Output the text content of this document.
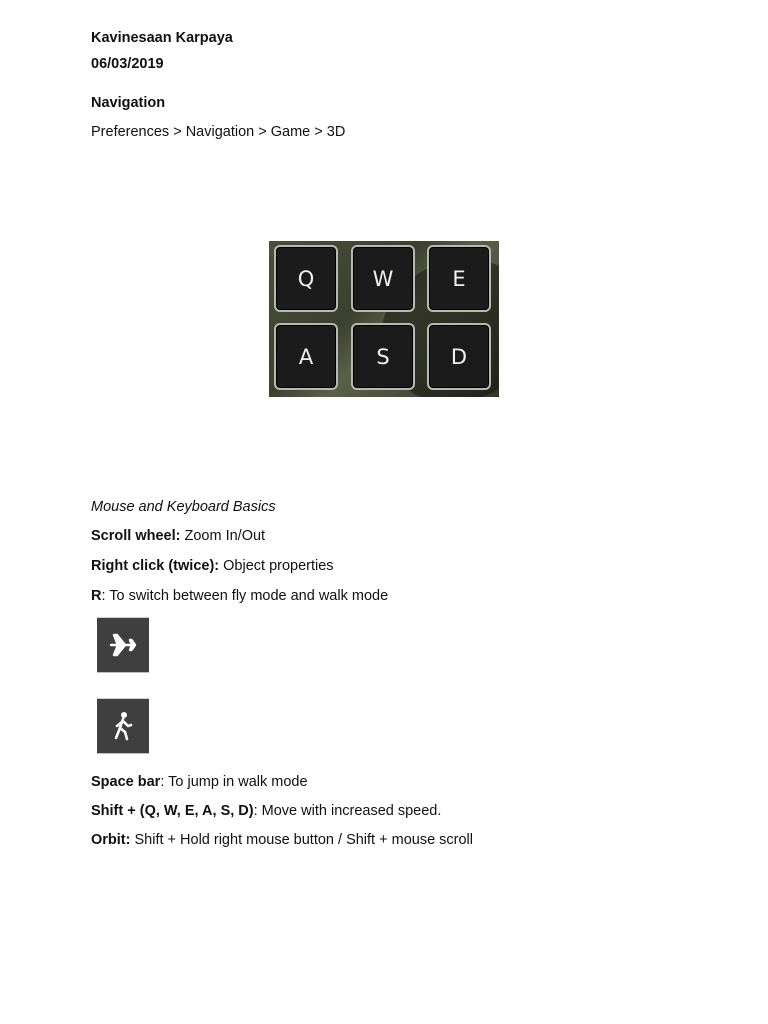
Kavinesaan Karpaya
06/03/2019
Navigation
Preferences > Navigation > Game > 3D
Q	W	E
A	S	D
Mouse and Keyboard Basics
Scroll wheel: Zoom In/Out
Right click (twice): Object properties
R: To switch between fly mode and walk mode
Space bar: To jump in walk mode
Shift + (Q, W, E, A, S, D): Move with increased speed.
Orbit: Shift + Hold right mouse button / Shift + mouse scroll
